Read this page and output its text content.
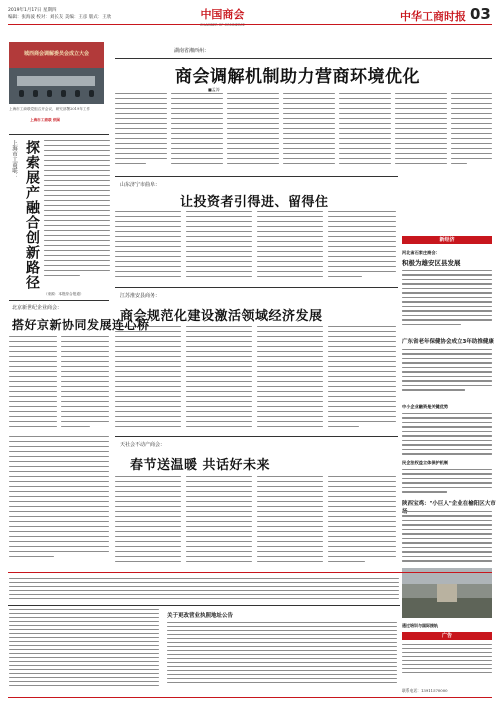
2019年1月17日 星期四
编辑：张海波 校对：刘长友 美编：王彦 版式：王欣	中国商会	中华工商时报 03
城西商会调解委员会成立大会
上海市工商联党组召开会议，研究部署2019年工作
上海市工商联 供图
湖南省湘西州：
商会调解机制助力营商环境优化
■孟涛
上海市工商联： 探索展产融合创新路径
（来源：本报综合报道）
山东济宁市曲阜：
让投资者引得进、留得住
新经济
河北省石家庄商会：
积极为雄安区县发展
广东省老年保健协会成立3年助推健康
中小企业融资是关键优势
民企法权益立体保护机制
陕西宝鸡："小巨人"企业在榆阳区大市
通过培训与国际接轨
江苏淮安县商务：
商会规范化建设激活领域经济发展
北京新世纪企业商会：
搭好京新协同发展连心桥
天社会不动产商会：
春节送温暖 共话好未来
关于更改营业执照地址公告
广告
联系电话：13911570000
